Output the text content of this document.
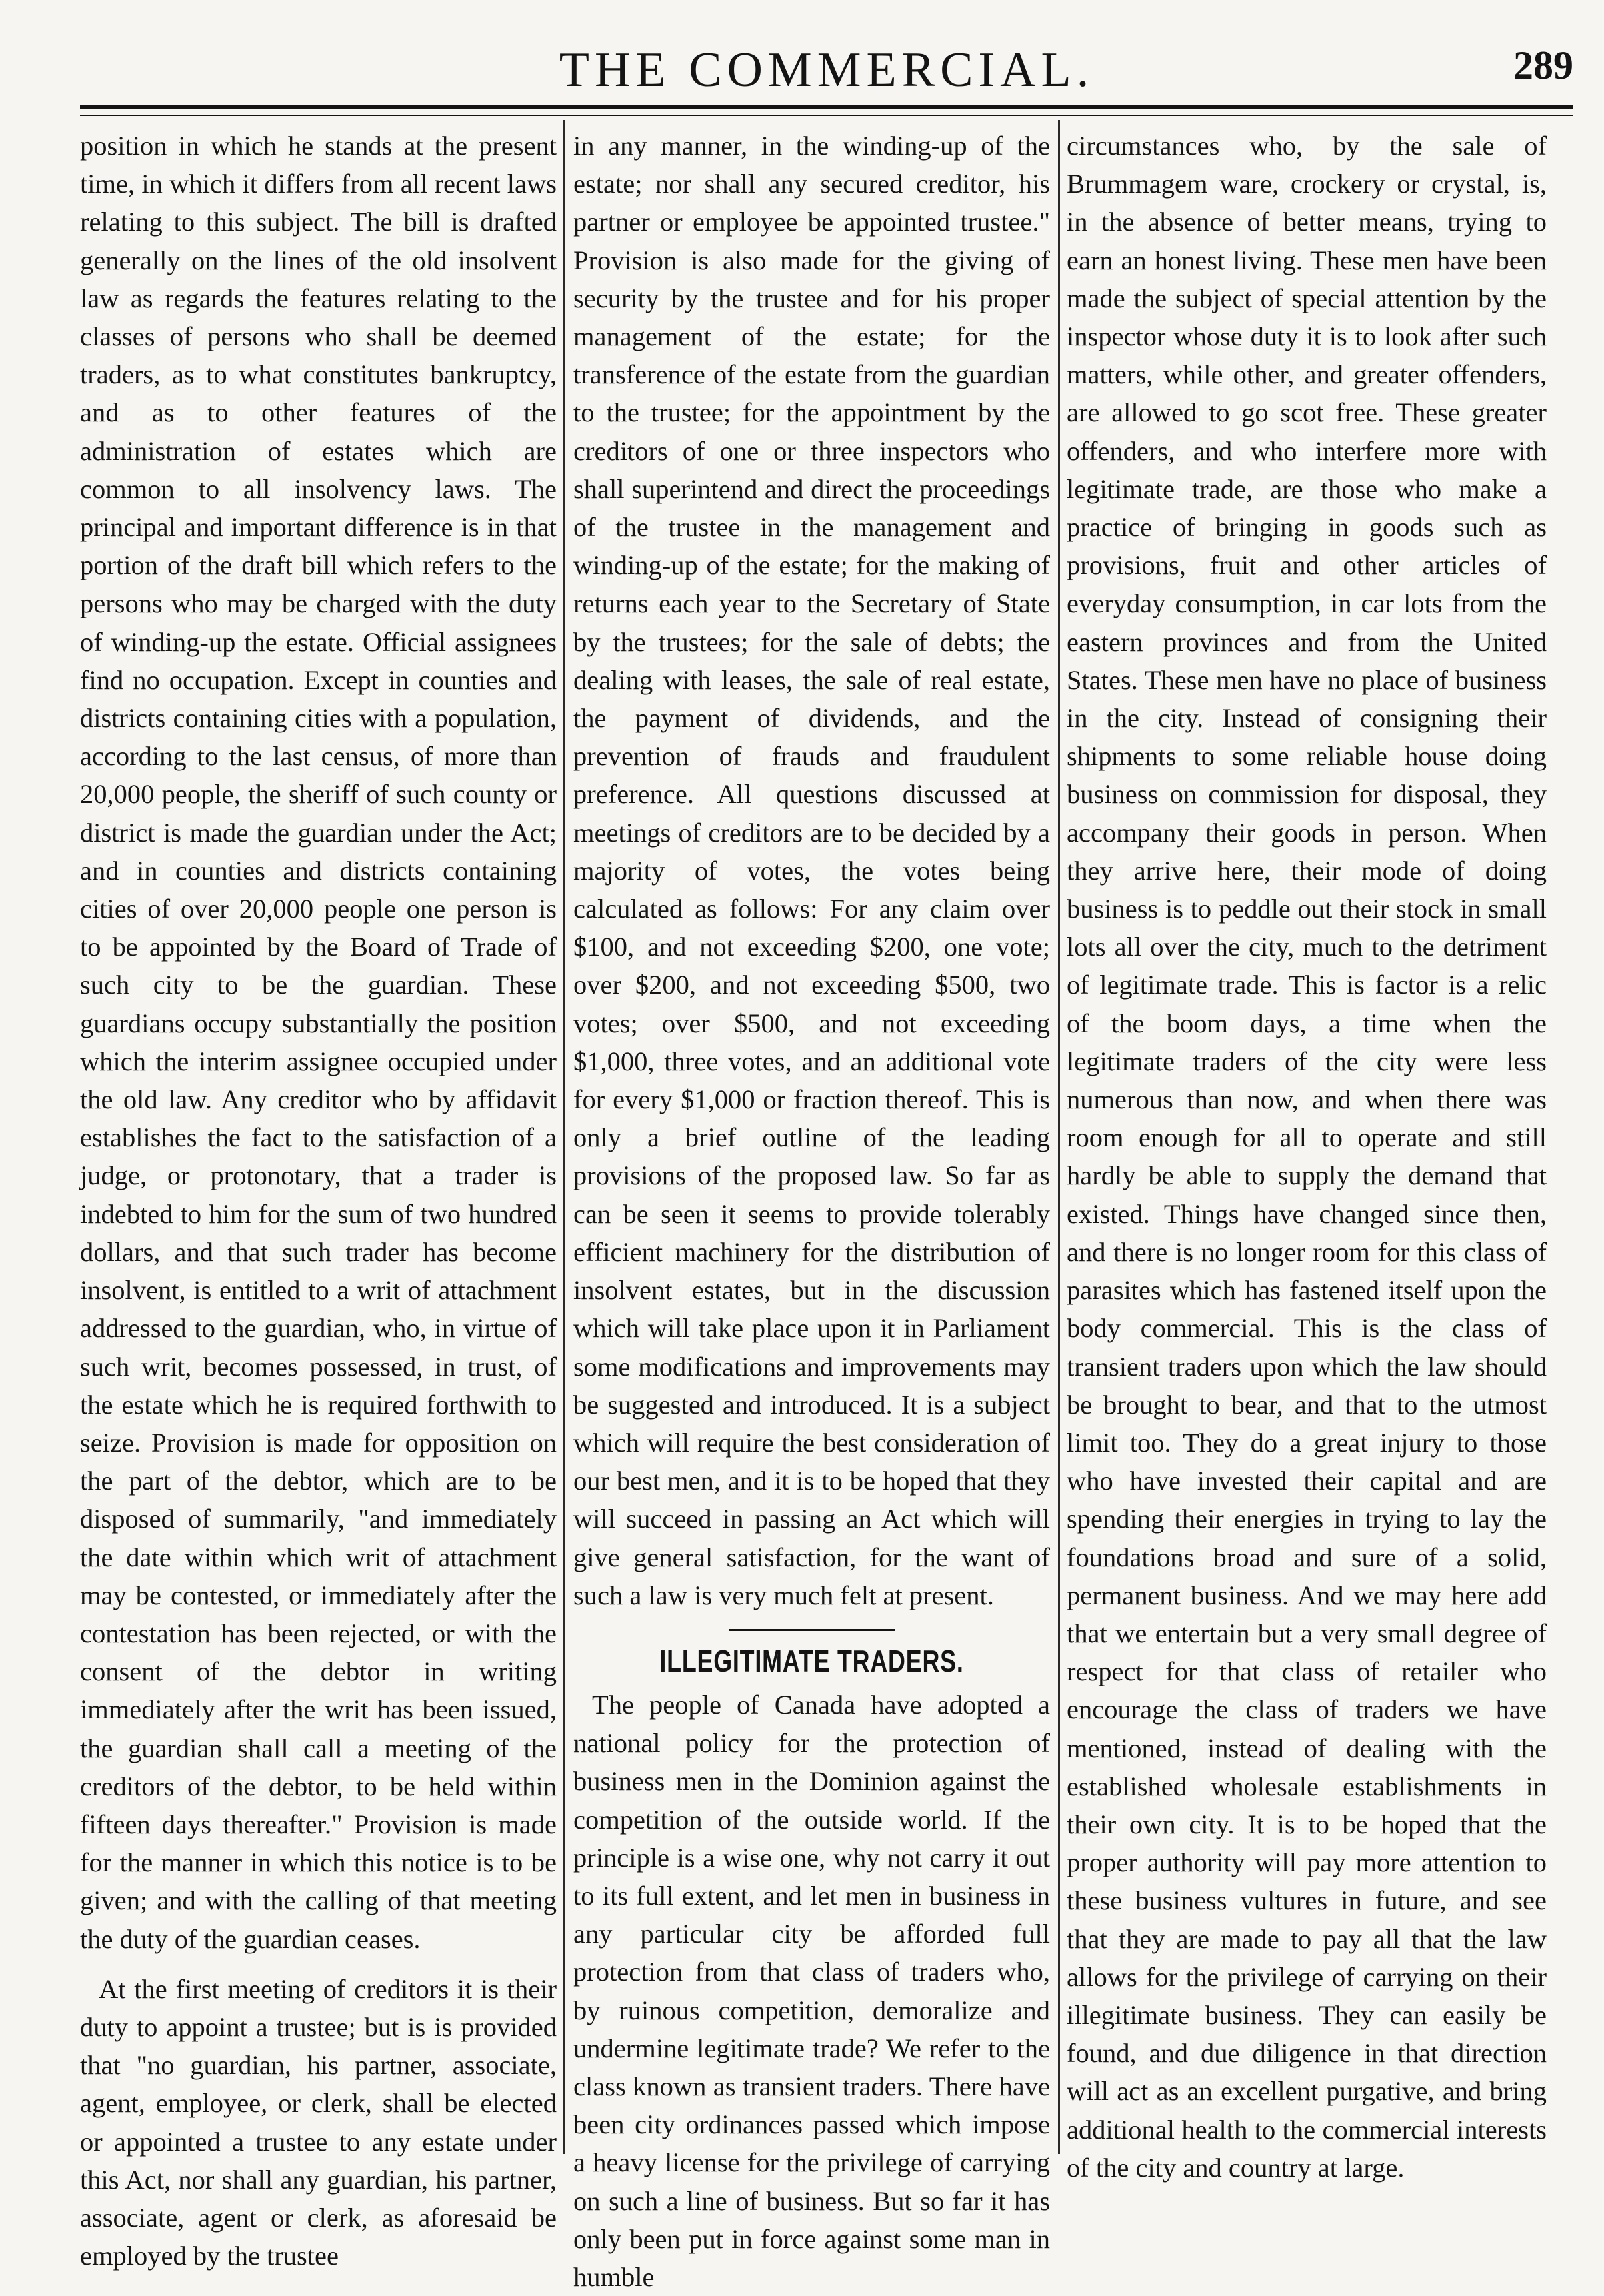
THE COMMERCIAL.	289

position in which he stands at the present time, in which it differs from all recent laws relating to this subject. The bill is drafted generally on the lines of the old insolvent law as regards the features relating to the classes of persons who shall be deemed traders, as to what constitutes bankruptcy, and as to other features of the administration of estates which are common to all insolvency laws. The principal and important difference is in that portion of the draft bill which refers to the persons who may be charged with the duty of winding-up the estate. Official assignees find no occupation. Except in counties and districts containing cities with a population, according to the last census, of more than 20,000 people, the sheriff of such county or district is made the guardian under the Act; and in counties and districts containing cities of over 20,000 people one person is to be appointed by the Board of Trade of such city to be the guardian. These guardians occupy substantially the position which the interim assignee occupied under the old law. Any creditor who by affidavit establishes the fact to the satisfaction of a judge, or protonotary, that a trader is indebted to him for the sum of two hundred dollars, and that such trader has become insolvent, is entitled to a writ of attachment addressed to the guardian, who, in virtue of such writ, becomes possessed, in trust, of the estate which he is required forthwith to seize. Provision is made for opposition on the part of the debtor, which are to be disposed of summarily, "and immediately the date within which writ of attachment may be contested, or immediately after the contestation has been rejected, or with the consent of the debtor in writing immediately after the writ has been issued, the guardian shall call a meeting of the creditors of the debtor, to be held within fifteen days thereafter." Provision is made for the manner in which this notice is to be given; and with the calling of that meeting the duty of the guardian ceases.

At the first meeting of creditors it is their duty to appoint a trustee; but is is provided that "no guardian, his partner, associate, agent, employee, or clerk, shall be elected or appointed a trustee to any estate under this Act, nor shall any guardian, his partner, associate, agent or clerk, as aforesaid be employed by the trustee

in any manner, in the winding-up of the estate; nor shall any secured creditor, his partner or employee be appointed trustee." Provision is also made for the giving of security by the trustee and for his proper management of the estate; for the transference of the estate from the guardian to the trustee; for the appointment by the creditors of one or three inspectors who shall superintend and direct the proceedings of the trustee in the management and winding-up of the estate; for the making of returns each year to the Secretary of State by the trustees; for the sale of debts; the dealing with leases, the sale of real estate, the payment of dividends, and the prevention of frauds and fraudulent preference. All questions discussed at meetings of creditors are to be decided by a majority of votes, the votes being calculated as follows: For any claim over $100, and not exceeding $200, one vote; over $200, and not exceeding $500, two votes; over $500, and not exceeding $1,000, three votes, and an additional vote for every $1,000 or fraction thereof. This is only a brief outline of the leading provisions of the proposed law. So far as can be seen it seems to provide tolerably efficient machinery for the distribution of insolvent estates, but in the discussion which will take place upon it in Parliament some modifications and improvements may be suggested and introduced. It is a subject which will require the best consideration of our best men, and it is to be hoped that they will succeed in passing an Act which will give general satisfaction, for the want of such a law is very much felt at present.

ILLEGITIMATE TRADERS.

The people of Canada have adopted a national policy for the protection of business men in the Dominion against the competition of the outside world. If the principle is a wise one, why not carry it out to its full extent, and let men in business in any particular city be afforded full protection from that class of traders who, by ruinous competition, demoralize and undermine legitimate trade? We refer to the class known as transient traders. There have been city ordinances passed which impose a heavy license for the privilege of carrying on such a line of business. But so far it has only been put in force against some man in humble

circumstances who, by the sale of Brummagem ware, crockery or crystal, is, in the absence of better means, trying to earn an honest living. These men have been made the subject of special attention by the inspector whose duty it is to look after such matters, while other, and greater offenders, are allowed to go scot free. These greater offenders, and who interfere more with legitimate trade, are those who make a practice of bringing in goods such as provisions, fruit and other articles of everyday consumption, in car lots from the eastern provinces and from the United States. These men have no place of business in the city. Instead of consigning their shipments to some reliable house doing business on commission for disposal, they accompany their goods in person. When they arrive here, their mode of doing business is to peddle out their stock in small lots all over the city, much to the detriment of legitimate trade. This is factor is a relic of the boom days, a time when the legitimate traders of the city were less numerous than now, and when there was room enough for all to operate and still hardly be able to supply the demand that existed. Things have changed since then, and there is no longer room for this class of parasites which has fastened itself upon the body commercial. This is the class of transient traders upon which the law should be brought to bear, and that to the utmost limit too. They do a great injury to those who have invested their capital and are spending their energies in trying to lay the foundations broad and sure of a solid, permanent business. And we may here add that we entertain but a very small degree of respect for that class of retailer who encourage the class of traders we have mentioned, instead of dealing with the established wholesale establishments in their own city. It is to be hoped that the proper authority will pay more attention to these business vultures in future, and see that they are made to pay all that the law allows for the privilege of carrying on their illegitimate business. They can easily be found, and due diligence in that direction will act as an excellent purgative, and bring additional health to the commercial interests of the city and country at large.
